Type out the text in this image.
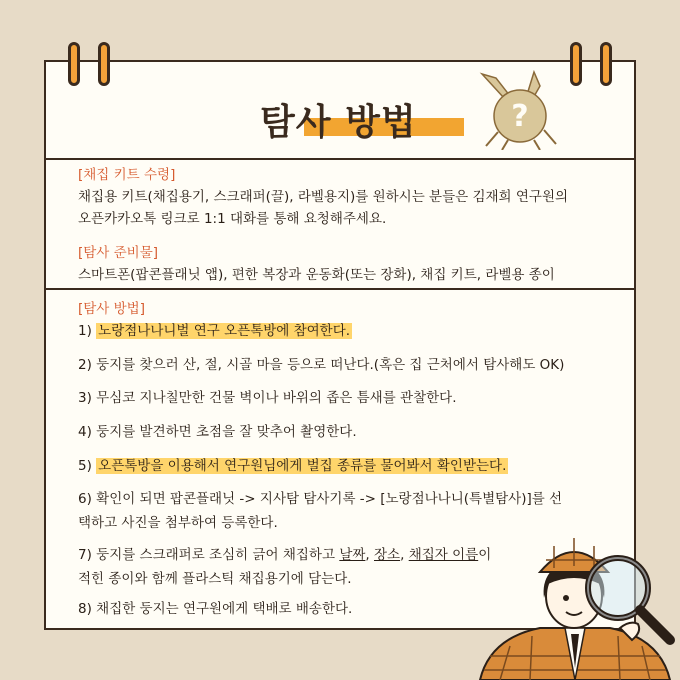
탐사 방법	?
[채집 키트 수령]
채집용 키트(채집용기, 스크래퍼(끌), 라벨용지)를 원하시는 분들은 김재희 연구원의
오픈카카오톡 링크로 1:1 대화를 통해 요청해주세요.
[탐사 준비물]
스마트폰(팝콘플래닛 앱), 편한 복장과 운동화(또는 장화), 채집 키트, 라벨용 종이
[탐사 방법]
1) 노랑점나나니벌 연구 오픈톡방에 참여한다.
2) 둥지를 찾으러 산, 절, 시골 마을 등으로 떠난다.(혹은 집 근처에서 탐사해도 OK)
3) 무심코 지나칠만한 건물 벽이나 바위의 좁은 틈새를 관찰한다.
4) 둥지를 발견하면 초점을 잘 맞추어 촬영한다.
5) 오픈톡방을 이용해서 연구원님에게 벌집 종류를 물어봐서 확인받는다.
6) 확인이 되면 팝콘플래닛 -> 지사탐 탐사기록 -> [노랑점나나니(특별탐사)]를 선
택하고 사진을 첨부하여 등록한다.
7) 둥지를 스크래퍼로 조심히 긁어 채집하고 날짜, 장소, 채집자 이름이
적힌 종이와 함께 플라스틱 채집용기에 담는다.
8) 채집한 둥지는 연구원에게 택배로 배송한다.
